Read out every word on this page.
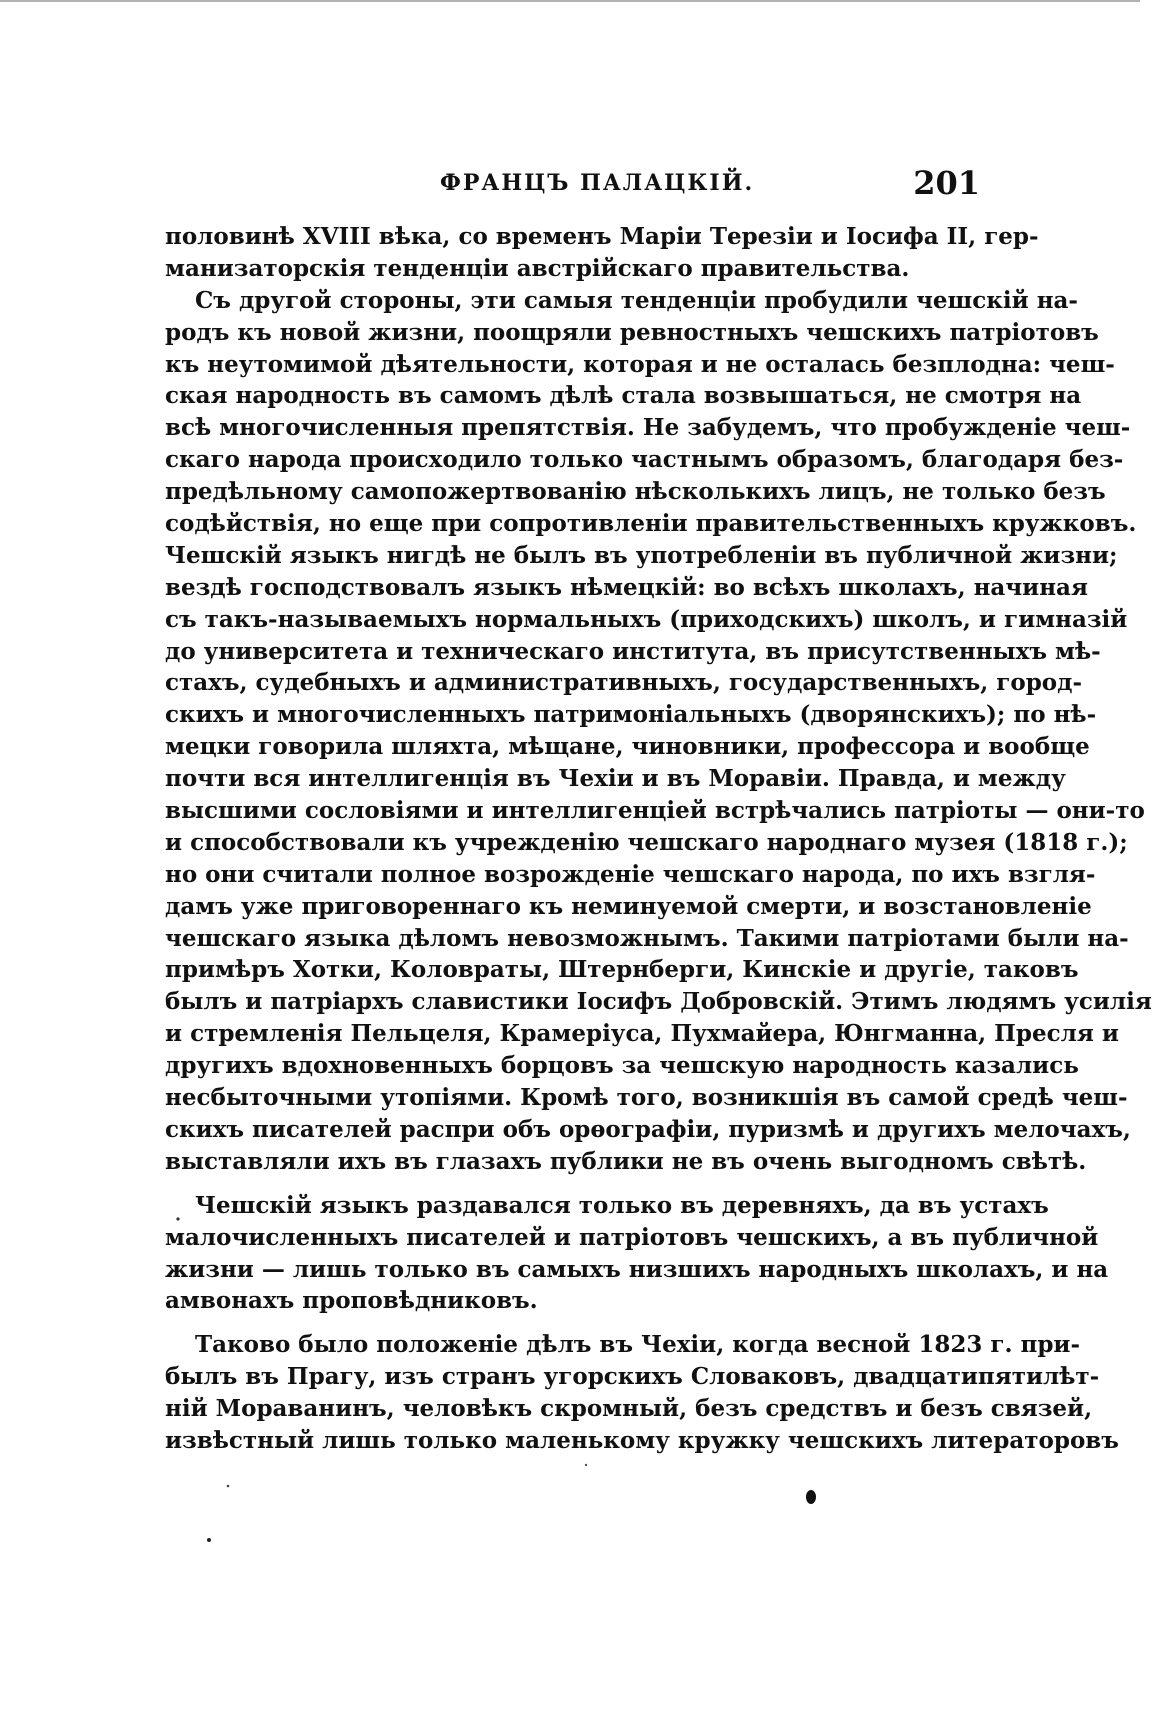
ФРАНЦЪ ПАЛАЦКІЙ.	201
половинѣ XVIII вѣка, со временъ Маріи Терезіи и Іосифа II, гер-
манизаторскія тенденціи австрійскаго правительства.
Съ другой стороны, эти самыя тенденціи пробудили чешскій на-
родъ къ новой жизни, поощряли ревностныхъ чешскихъ патріотовъ
къ неутомимой дѣятельности, которая и не осталась безплодна: чеш-
ская народность въ самомъ дѣлѣ стала возвышаться, не смотря на
всѣ многочисленныя препятствія. Не забудемъ, что пробужденіе чеш-
скаго народа происходило только частнымъ образомъ, благодаря без-
предѣльному самопожертвованію нѣсколькихъ лицъ, не только безъ
содѣйствія, но еще при сопротивленіи правительственныхъ кружковъ.
Чешскій языкъ нигдѣ не былъ въ употребленіи въ публичной жизни;
вездѣ господствовалъ языкъ нѣмецкій: во всѣхъ школахъ, начиная
съ такъ-называемыхъ нормальныхъ (приходскихъ) школъ, и гимназій
до университета и техническаго института, въ присутственныхъ мѣ-
стахъ, судебныхъ и административныхъ, государственныхъ, город-
скихъ и многочисленныхъ патримоніальныхъ (дворянскихъ); по нѣ-
мецки говорила шляхта, мѣщане, чиновники, профессора и вообще
почти вся интеллигенція въ Чехіи и въ Моравіи. Правда, и между
высшими сословіями и интеллигенціей встрѣчались патріоты — они-то
и способствовали къ учрежденію чешскаго народнаго музея (1818 г.);
но они считали полное возрожденіе чешскаго народа, по ихъ взгля-
дамъ уже приговореннаго къ неминуемой смерти, и возстановленіе
чешскаго языка дѣломъ невозможнымъ. Такими патріотами были на-
примѣръ Хотки, Коловраты, Штернберги, Кинскіе и другіе, таковъ
былъ и патріархъ славистики Іосифъ Добровскій. Этимъ людямъ усилія
и стремленія Пельцеля, Крамеріуса, Пухмайера, Юнгманна, Пресля и
другихъ вдохновенныхъ борцовъ за чешскую народность казались
несбыточными утопіями. Кромѣ того, возникшія въ самой средѣ чеш-
скихъ писателей распри объ орѳографіи, пуризмѣ и другихъ мелочахъ,
выставляли ихъ въ глазахъ публики не въ очень выгодномъ свѣтѣ.
Чешскій языкъ раздавался только въ деревняхъ, да въ устахъ
малочисленныхъ писателей и патріотовъ чешскихъ, а въ публичной
жизни — лишь только въ самыхъ низшихъ народныхъ школахъ, и на
амвонахъ проповѣдниковъ.
Таково было положеніе дѣлъ въ Чехіи, когда весной 1823 г. при-
былъ въ Прагу, изъ странъ угорскихъ Словаковъ, двадцатипятилѣт-
ній Мораванинъ, человѣкъ скромный, безъ средствъ и безъ связей,
извѣстный лишь только маленькому кружку чешскихъ литераторовъ
